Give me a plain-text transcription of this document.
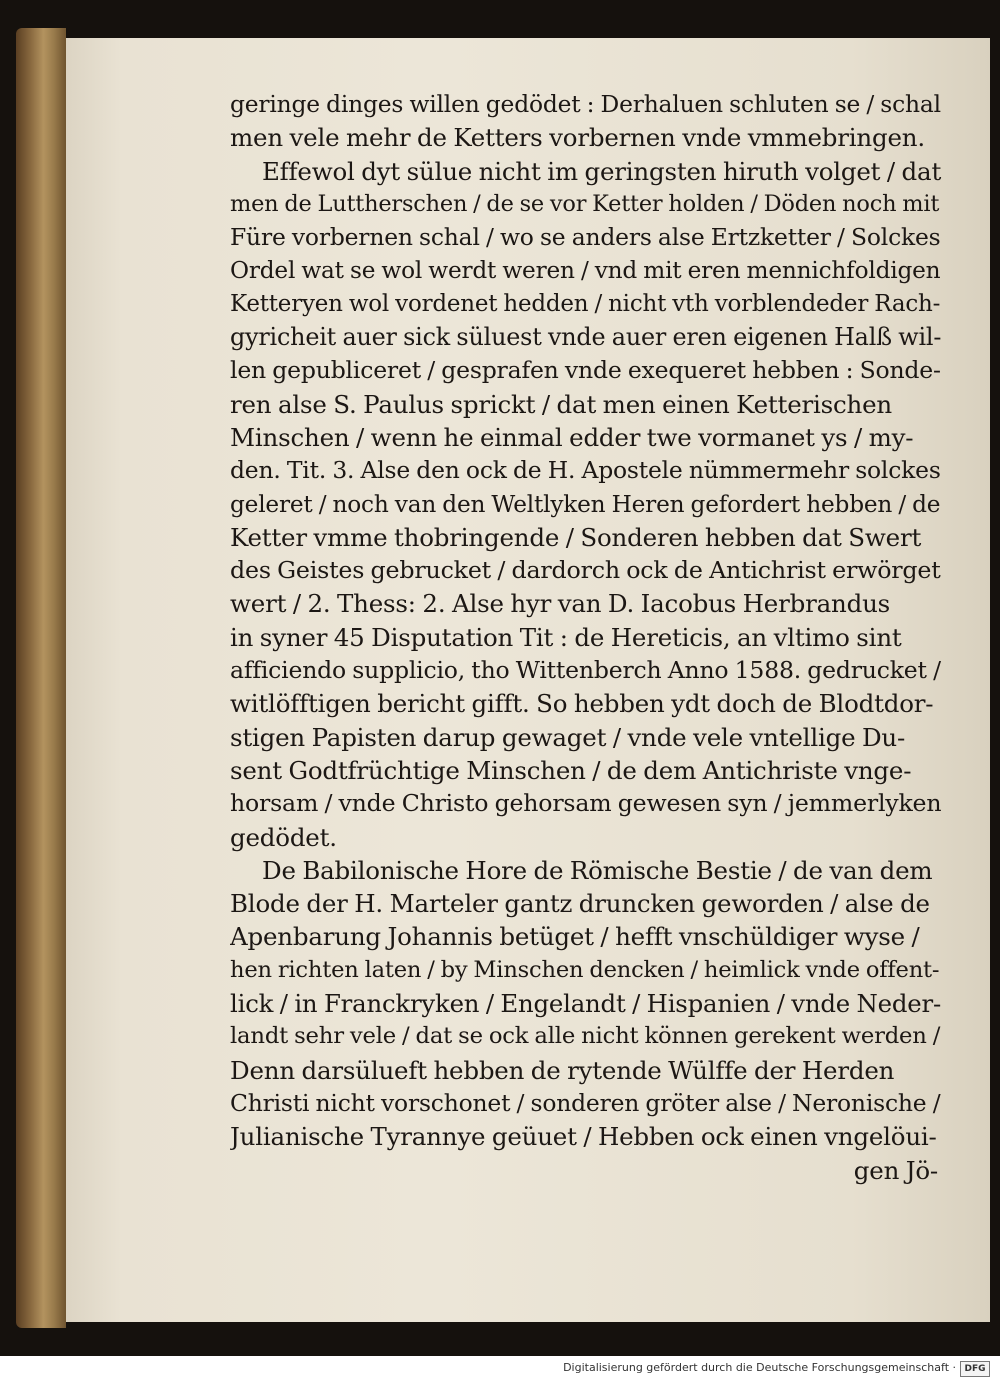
geringe dinges willen gedödet : Derhaluen schluten se / schal
men vele mehr de Ketters vorbernen vnde vmmebringen.
Effewol dyt sülue nicht im geringsten hiruth volget / dat
men de Luttherschen / de se vor Ketter holden / Döden noch mit
Füre vorbernen schal / wo se anders alse Ertzketter / Solckes
Ordel wat se wol werdt weren / vnd mit eren mennichfoldigen
Ketteryen wol vordenet hedden / nicht vth vorblendeder Rach-
gyricheit auer sick süluest vnde auer eren eigenen Halß wil-
len gepubliceret / gesprafen vnde exequeret hebben : Sonde-
ren alse S. Paulus sprickt / dat men einen Ketterischen
Minschen / wenn he einmal edder twe vormanet ys / my-
den. Tit. 3. Alse den ock de H. Apostele nümmermehr solckes
geleret / noch van den Weltlyken Heren gefordert hebben / de
Ketter vmme thobringende / Sonderen hebben dat Swert
des Geistes gebrucket / dardorch ock de Antichrist erwörget
wert / 2. Thess: 2. Alse hyr van D. Iacobus Herbrandus
in syner 45 Disputation Tit : de Hereticis, an vltimo sint
afficiendo supplicio, tho Wittenberch Anno 1588. gedrucket /
witlöfftigen bericht gifft. So hebben ydt doch de Blodtdor-
stigen Papisten darup gewaget / vnde vele vntellige Du-
sent Godtfrüchtige Minschen / de dem Antichriste vnge-
horsam / vnde Christo gehorsam gewesen syn / jemmerlyken
gedödet.
De Babilonische Hore de Römische Bestie / de van dem
Blode der H. Marteler gantz druncken geworden / alse de
Apenbarung Johannis betüget / hefft vnschüldiger wyse /
hen richten laten / by Minschen dencken / heimlick vnde offent-
lick / in Franckryken / Engelandt / Hispanien / vnde Neder-
landt sehr vele / dat se ock alle nicht können gerekent werden /
Denn darsülueft hebben de rytende Wülffe der Herden
Christi nicht vorschonet / sonderen gröter alse / Neronische /
Julianische Tyrannye geüuet / Hebben ock einen vngelöui-
gen Jö-
Digitalisierung gefördert durch die Deutsche Forschungsgemeinschaft · DFG
